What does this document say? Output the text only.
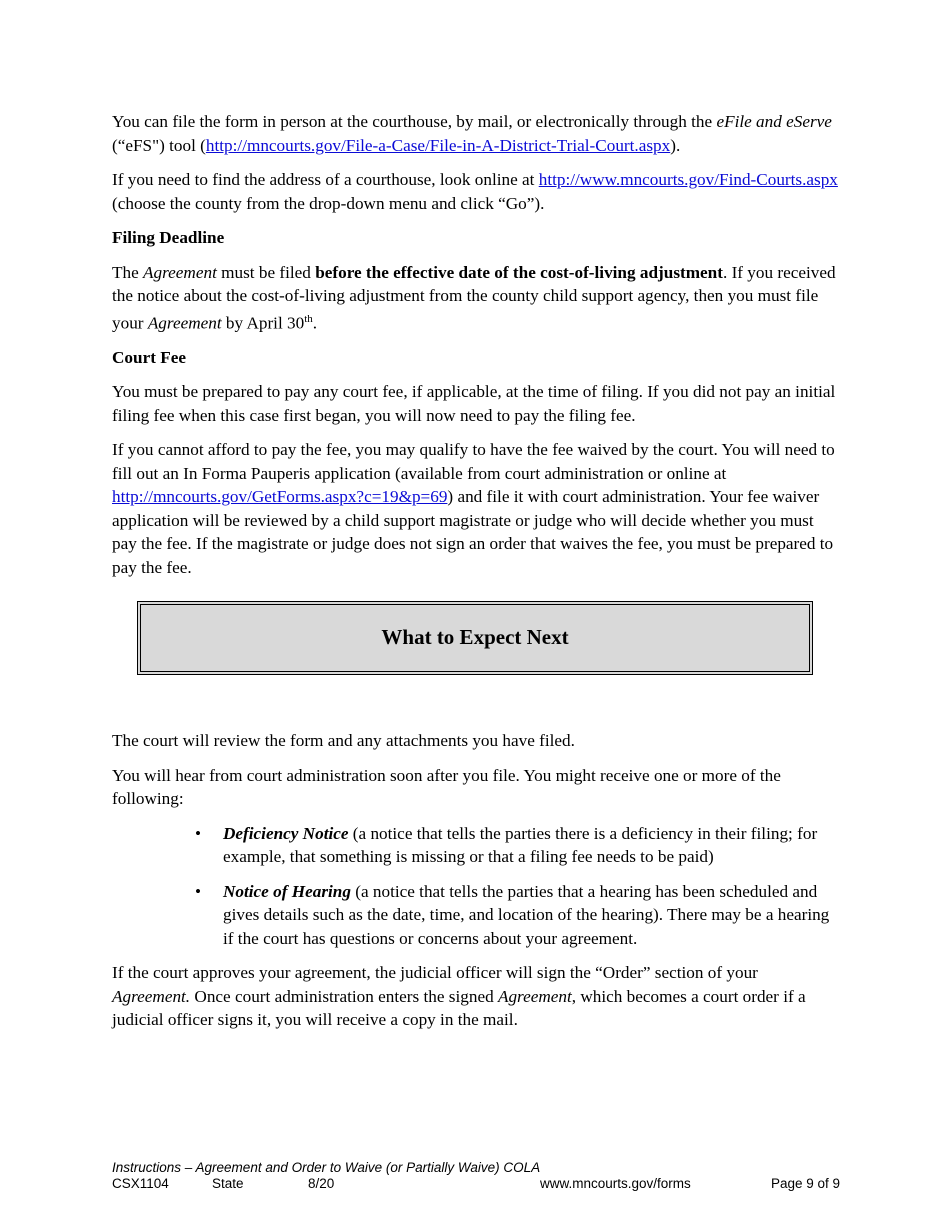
You can file the form in person at the courthouse, by mail, or electronically through the eFile and eServe (“eFS") tool (http://mncourts.gov/File-a-Case/File-in-A-District-Trial-Court.aspx).

If you need to find the address of a courthouse, look online at http://www.mncourts.gov/Find-Courts.aspx (choose the county from the drop-down menu and click “Go”).

Filing Deadline

The Agreement must be filed before the effective date of the cost-of-living adjustment. If you received the notice about the cost-of-living adjustment from the county child support agency, then you must file your Agreement by April 30th.

Court Fee

You must be prepared to pay any court fee, if applicable, at the time of filing. If you did not pay an initial filing fee when this case first began, you will now need to pay the filing fee.

If you cannot afford to pay the fee, you may qualify to have the fee waived by the court. You will need to fill out an In Forma Pauperis application (available from court administration or online at http://mncourts.gov/GetForms.aspx?c=19&p=69) and file it with court administration. Your fee waiver application will be reviewed by a child support magistrate or judge who will decide whether you must pay the fee. If the magistrate or judge does not sign an order that waives the fee, you must be prepared to pay the fee.

What to Expect Next

The court will review the form and any attachments you have filed.

You will hear from court administration soon after you file. You might receive one or more of the following:

• Deficiency Notice (a notice that tells the parties there is a deficiency in their filing; for example, that something is missing or that a filing fee needs to be paid)
• Notice of Hearing (a notice that tells the parties that a hearing has been scheduled and gives details such as the date, time, and location of the hearing). There may be a hearing if the court has questions or concerns about your agreement.

If the court approves your agreement, the judicial officer will sign the “Order” section of your Agreement. Once court administration enters the signed Agreement, which becomes a court order if a judicial officer signs it, you will receive a copy in the mail.

Instructions – Agreement and Order to Waive (or Partially Waive) COLA
CSX1104	State	8/20	www.mncourts.gov/forms	Page 9 of 9
